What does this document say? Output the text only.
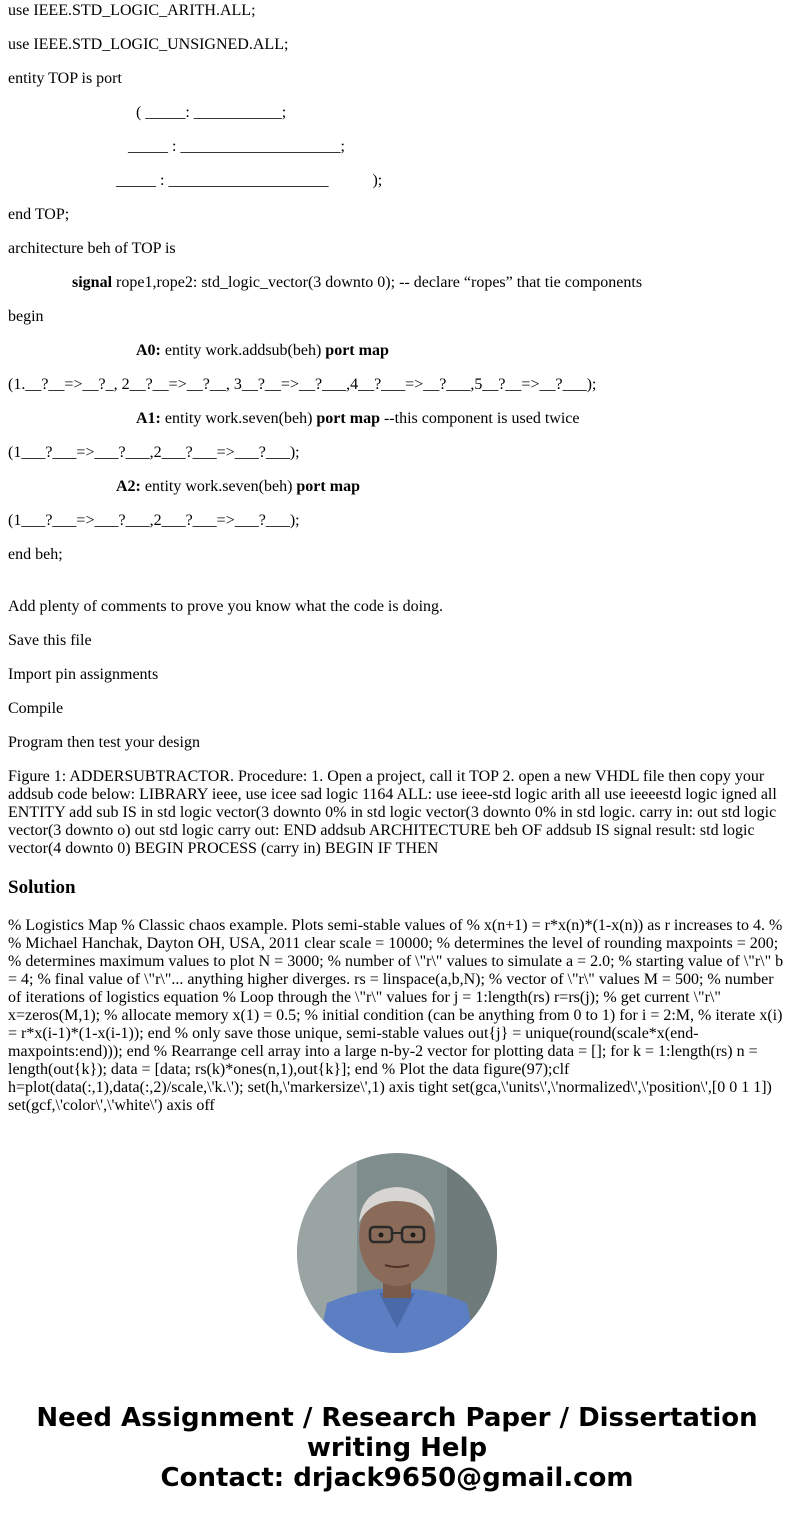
use IEEE.STD_LOGIC_ARITH.ALL;
use IEEE.STD_LOGIC_UNSIGNED.ALL;
entity TOP is port
( _____: ___________;
_____ : ____________________;
_____ : ____________________           );
end TOP;
architecture beh of TOP is
signal rope1,rope2: std_logic_vector(3 downto 0); -- declare “ropes” that tie components
begin
A0: entity work.addsub(beh) port map
(1.__?__=>__?_, 2__?__=>__?__, 3__?__=>__?___,4__?___=>__?___,5__?__=>__?___);
A1: entity work.seven(beh) port map --this component is used twice
(1___?___=>___?___,2___?___=>___?___);
A2: entity work.seven(beh) port map
(1___?___=>___?___,2___?___=>___?___);
end beh;
Add plenty of comments to prove you know what the code is doing.
Save this file
Import pin assignments
Compile
Program then test your design
Figure 1: ADDERSUBTRACTOR. Procedure: 1. Open a project, call it TOP 2. open a new VHDL file then copy your addsub code below: LIBRARY ieee, use icee sad logic 1164 ALL: use ieee-std logic arith all use ieeeestd logic igned all ENTITY add sub IS in std logic vector(3 downto 0% in std logic vector(3 downto 0% in std logic. carry in: out std logic vector(3 downto o) out std logic carry out: END addsub ARCHITECTURE beh OF addsub IS signal result: std logic vector(4 downto 0) BEGIN PROCESS (carry in) BEGIN IF THEN
Solution
% Logistics Map % Classic chaos example. Plots semi-stable values of % x(n+1) = r*x(n)*(1-x(n)) as r increases to 4. % % Michael Hanchak, Dayton OH, USA, 2011 clear scale = 10000; % determines the level of rounding maxpoints = 200; % determines maximum values to plot N = 3000; % number of \"r\" values to simulate a = 2.0; % starting value of \"r\" b = 4; % final value of \"r\"... anything higher diverges. rs = linspace(a,b,N); % vector of \"r\" values M = 500; % number of iterations of logistics equation % Loop through the \"r\" values for j = 1:length(rs) r=rs(j); % get current \"r\" x=zeros(M,1); % allocate memory x(1) = 0.5; % initial condition (can be anything from 0 to 1) for i = 2:M, % iterate x(i) = r*x(i-1)*(1-x(i-1)); end % only save those unique, semi-stable values out{j} = unique(round(scale*x(end-maxpoints:end))); end % Rearrange cell array into a large n-by-2 vector for plotting data = []; for k = 1:length(rs) n = length(out{k}); data = [data; rs(k)*ones(n,1),out{k}]; end % Plot the data figure(97);clf h=plot(data(:,1),data(:,2)/scale,\'k.\'); set(h,\'markersize\',1) axis tight set(gca,\'units\',\'normalized\',\'position\',[0 0 1 1]) set(gcf,\'color\',\'white\') axis off
Need Assignment / Research Paper / Dissertation
writing Help
Contact: drjack9650@gmail.com
